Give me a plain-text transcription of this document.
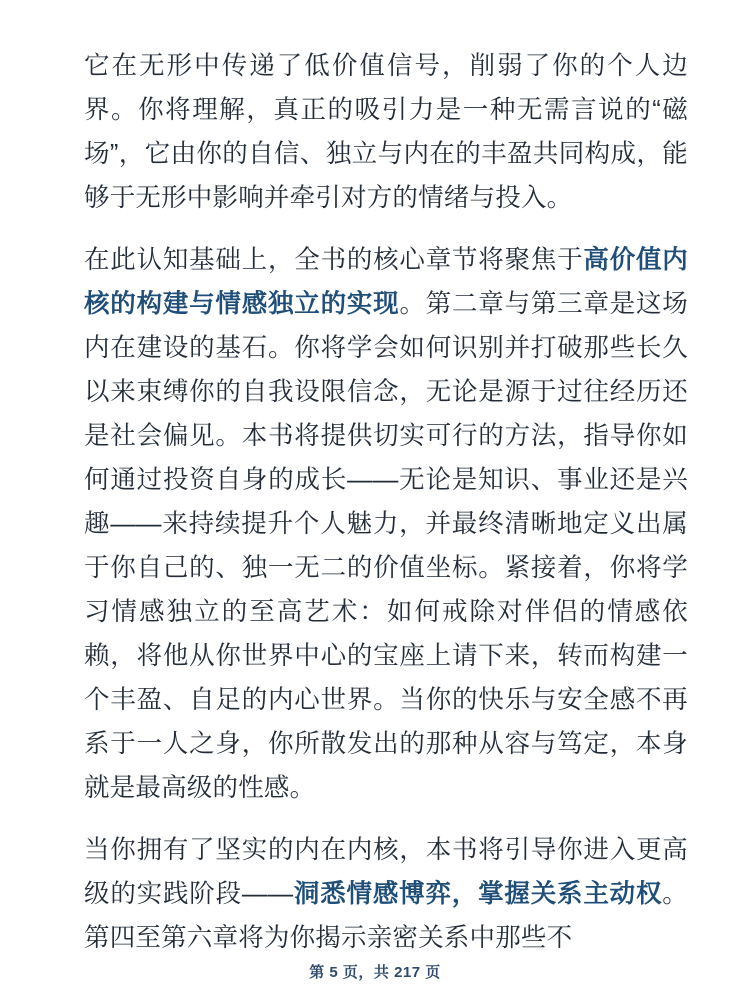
它在无形中传递了低价值信号，削弱了你的个人边界。你将理解，真正的吸引力是一种无需言说的“磁场”，它由你的自信、独立与内在的丰盈共同构成，能够于无形中影响并牵引对方的情绪与投入。

在此认知基础上，全书的核心章节将聚焦于高价值内核的构建与情感独立的实现。第二章与第三章是这场内在建设的基石。你将学会如何识别并打破那些长久以来束缚你的自我设限信念，无论是源于过往经历还是社会偏见。本书将提供切实可行的方法，指导你如何通过投资自身的成长——无论是知识、事业还是兴趣——来持续提升个人魅力，并最终清晰地定义出属于你自己的、独一无二的价值坐标。紧接着，你将学习情感独立的至高艺术：如何戒除对伴侣的情感依赖，将他从你世界中心的宝座上请下来，转而构建一个丰盈、自足的内心世界。当你的快乐与安全感不再系于一人之身，你所散发出的那种从容与笃定，本身就是最高级的性感。

当你拥有了坚实的内在内核，本书将引导你进入更高级的实践阶段——洞悉情感博弈，掌握关系主动权。第四至第六章将为你揭示亲密关系中那些不

第 5 页，共 217 页
